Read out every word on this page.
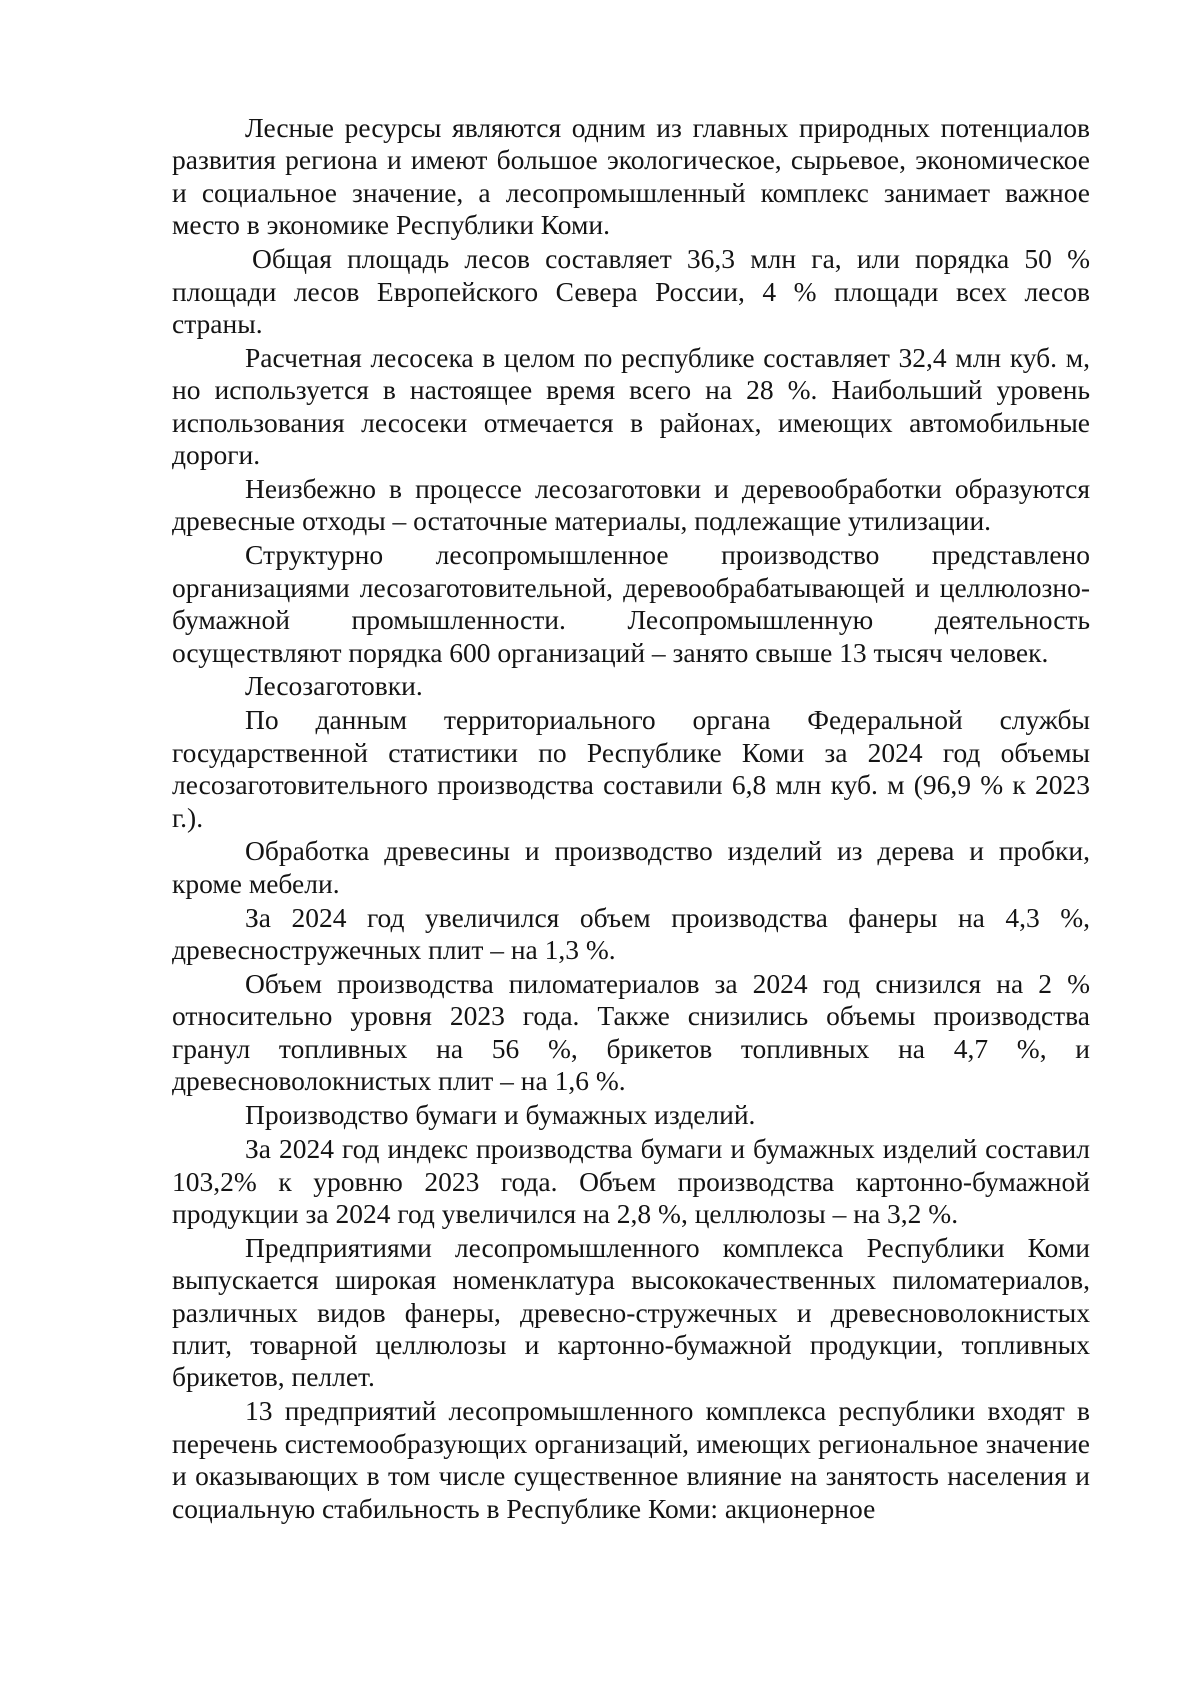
Лесные ресурсы являются одним из главных природных потенциалов развития региона и имеют большое экологическое, сырьевое, экономическое и социальное значение, а лесопромышленный комплекс занимает важное место в экономике Республики Коми.

Общая площадь лесов составляет 36,3 млн га, или порядка 50 % площади лесов Европейского Севера России, 4 % площади всех лесов страны.

Расчетная лесосека в целом по республике составляет 32,4 млн куб. м, но используется в настоящее время всего на 28 %. Наибольший уровень использования лесосеки отмечается в районах, имеющих автомобильные дороги.

Неизбежно в процессе лесозаготовки и деревообработки образуются древесные отходы – остаточные материалы, подлежащие утилизации.

Структурно лесопромышленное производство представлено организациями лесозаготовительной, деревообрабатывающей и целлюлозно-бумажной промышленности. Лесопромышленную деятельность осуществляют порядка 600 организаций – занято свыше 13 тысяч человек.

Лесозаготовки.

По данным территориального органа Федеральной службы государственной статистики по Республике Коми за 2024 год объемы лесозаготовительного производства составили 6,8 млн куб. м (96,9 % к 2023 г.).

Обработка древесины и производство изделий из дерева и пробки, кроме мебели.

За 2024 год увеличился объем производства фанеры на 4,3 %, древесностружечных плит – на 1,3 %.

Объем производства пиломатериалов за 2024 год снизился на 2 % относительно уровня 2023 года. Также снизились объемы производства гранул топливных на 56 %, брикетов топливных на 4,7 %, и древесноволокнистых плит – на 1,6 %.

Производство бумаги и бумажных изделий.

За 2024 год индекс производства бумаги и бумажных изделий составил 103,2% к уровню 2023 года. Объем производства картонно-бумажной продукции за 2024 год увеличился на 2,8 %, целлюлозы – на 3,2 %.

Предприятиями лесопромышленного комплекса Республики Коми выпускается широкая номенклатура высококачественных пиломатериалов, различных видов фанеры, древесно-стружечных и древесноволокнистых плит, товарной целлюлозы и картонно-бумажной продукции, топливных брикетов, пеллет.

13 предприятий лесопромышленного комплекса республики входят в перечень системообразующих организаций, имеющих региональное значение и оказывающих в том числе существенное влияние на занятость населения и социальную стабильность в Республике Коми: акционерное
